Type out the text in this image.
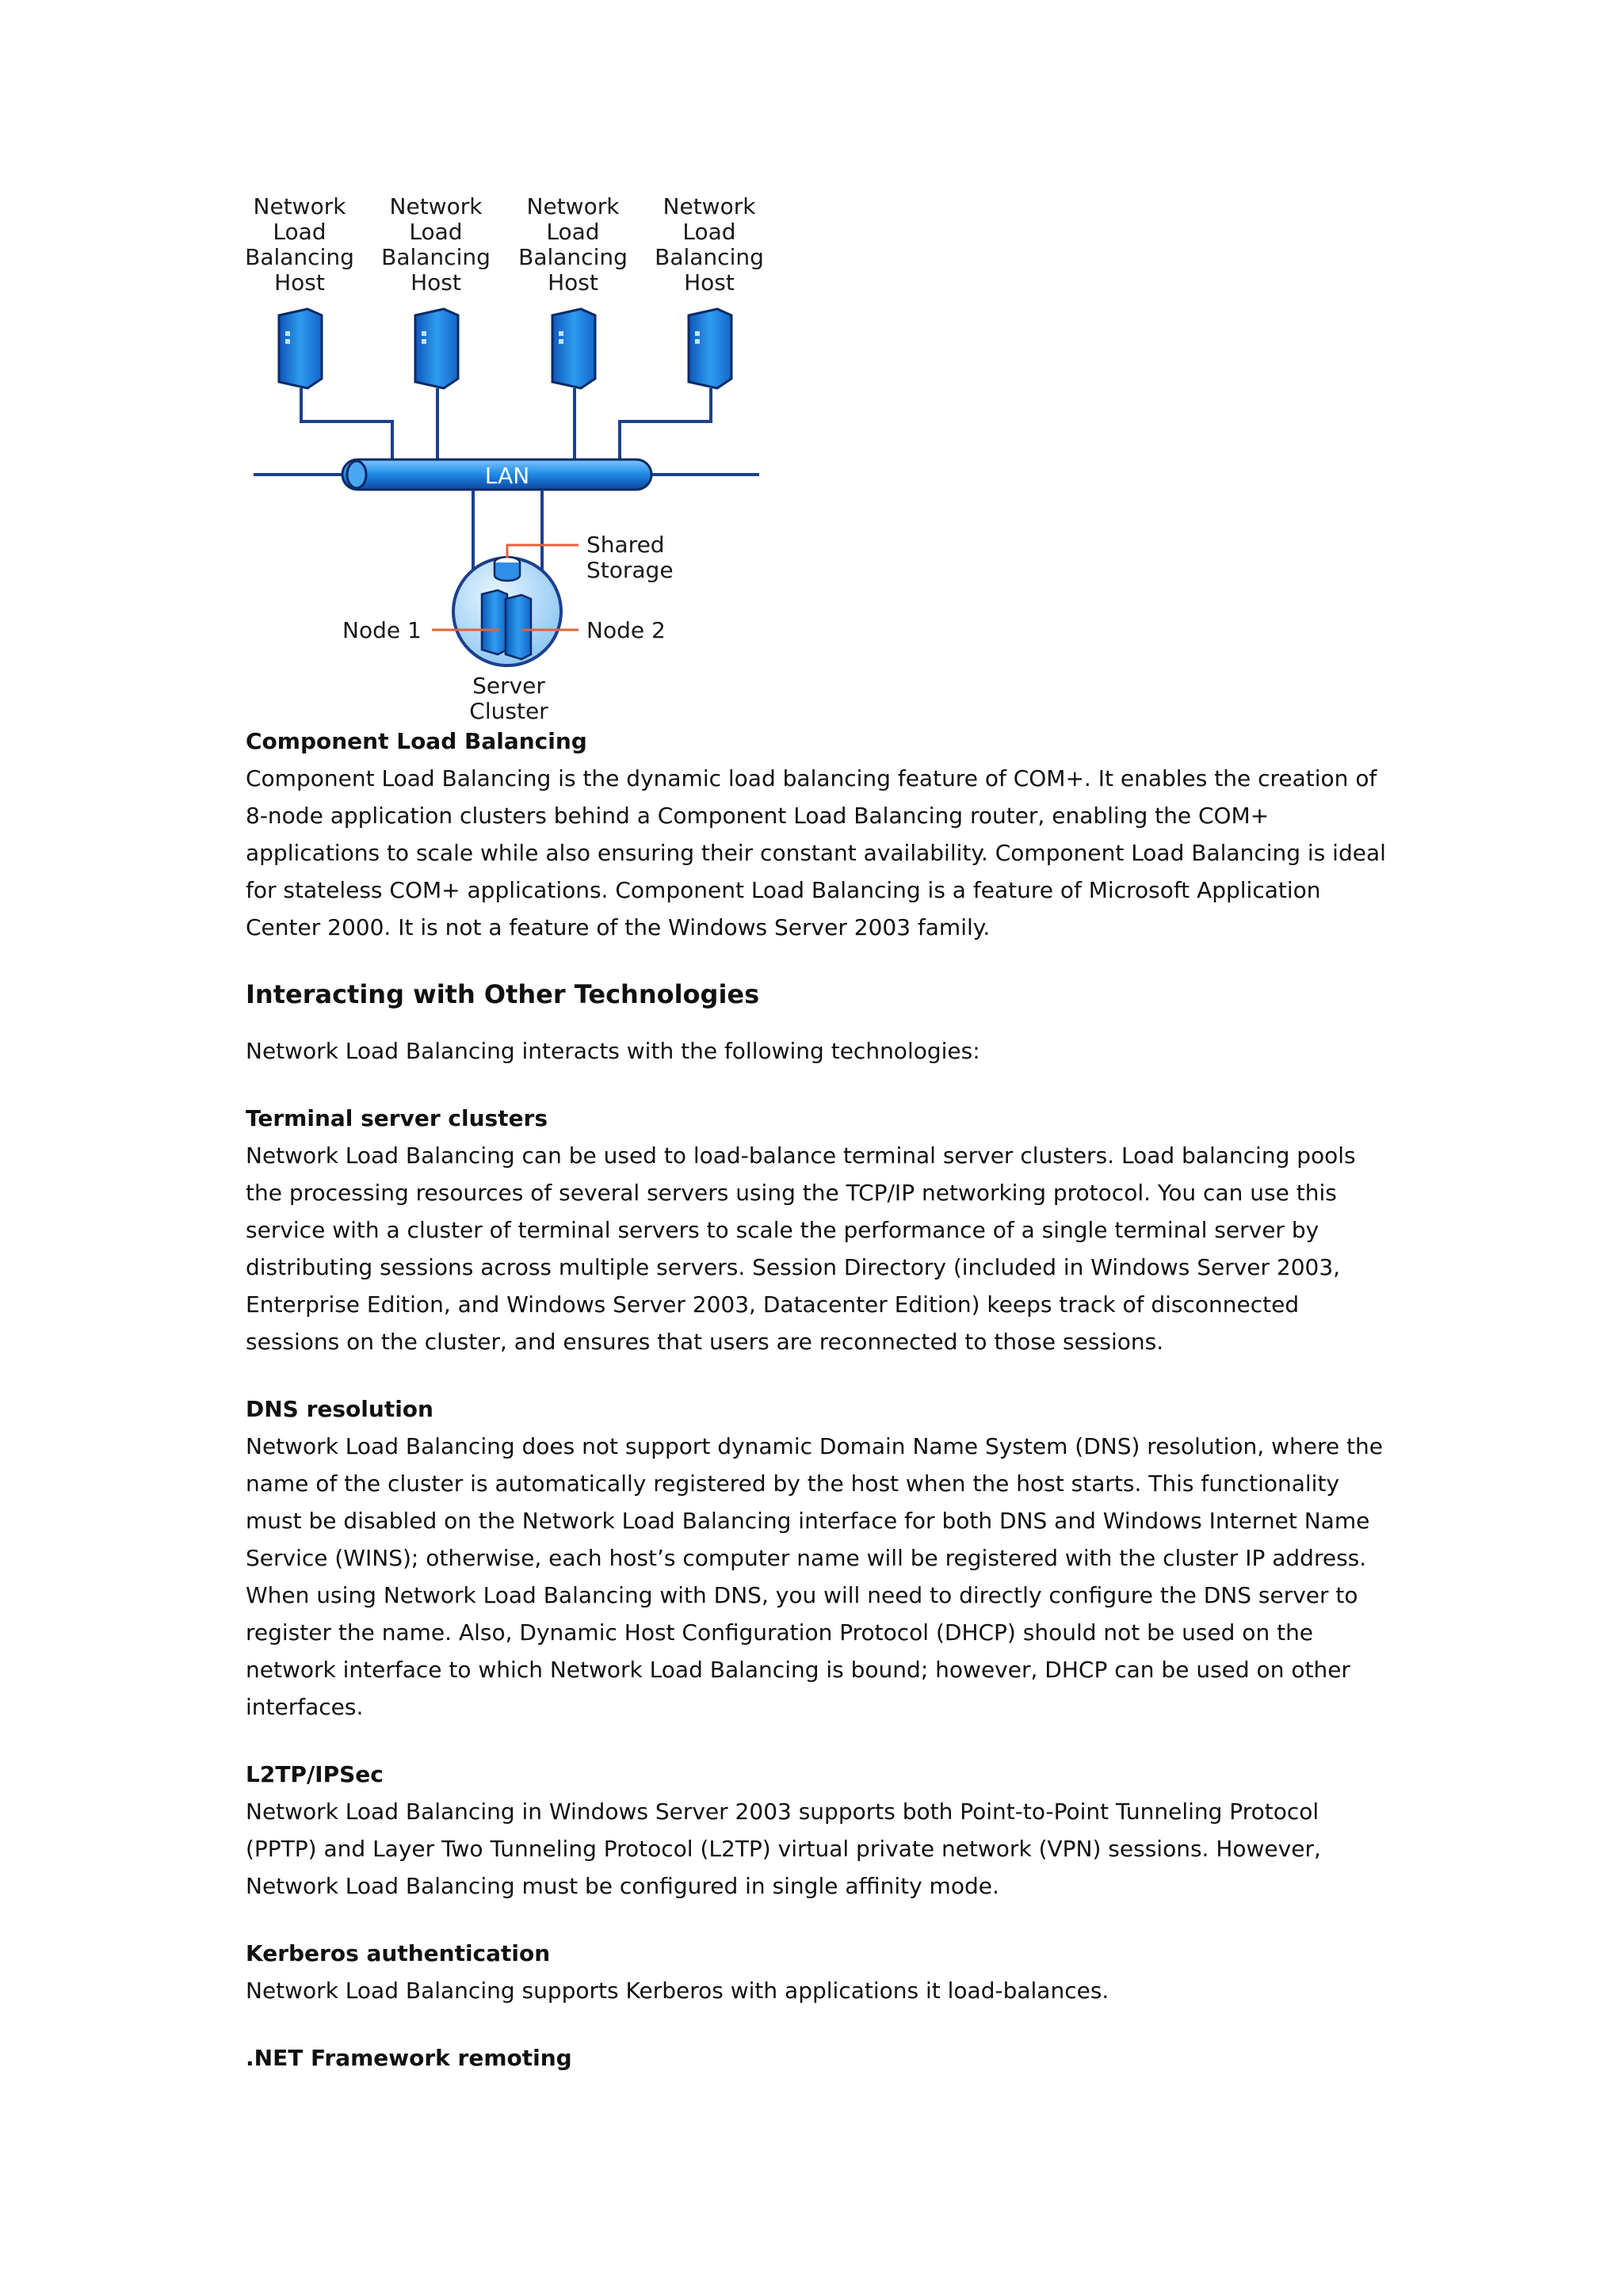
Network
Load
Balancing
Host
Network
Load
Balancing
Host
Network
Load
Balancing
Host
Network
Load
Balancing
Host
LAN
Shared
Storage
Node 1	Node 2
Server
Cluster

Component Load Balancing

Component Load Balancing is the dynamic load balancing feature of COM+. It enables the creation of 8-node application clusters behind a Component Load Balancing router, enabling the COM+ applications to scale while also ensuring their constant availability. Component Load Balancing is ideal for stateless COM+ applications. Component Load Balancing is a feature of Microsoft Application Center 2000. It is not a feature of the Windows Server 2003 family.

Interacting with Other Technologies

Network Load Balancing interacts with the following technologies:

Terminal server clusters

Network Load Balancing can be used to load-balance terminal server clusters. Load balancing pools the processing resources of several servers using the TCP/IP networking protocol. You can use this service with a cluster of terminal servers to scale the performance of a single terminal server by distributing sessions across multiple servers. Session Directory (included in Windows Server 2003, Enterprise Edition, and Windows Server 2003, Datacenter Edition) keeps track of disconnected sessions on the cluster, and ensures that users are reconnected to those sessions.

DNS resolution

Network Load Balancing does not support dynamic Domain Name System (DNS) resolution, where the name of the cluster is automatically registered by the host when the host starts. This functionality must be disabled on the Network Load Balancing interface for both DNS and Windows Internet Name Service (WINS); otherwise, each host’s computer name will be registered with the cluster IP address. When using Network Load Balancing with DNS, you will need to directly configure the DNS server to register the name. Also, Dynamic Host Configuration Protocol (DHCP) should not be used on the network interface to which Network Load Balancing is bound; however, DHCP can be used on other interfaces.

L2TP/IPSec

Network Load Balancing in Windows Server 2003 supports both Point-to-Point Tunneling Protocol (PPTP) and Layer Two Tunneling Protocol (L2TP) virtual private network (VPN) sessions. However, Network Load Balancing must be configured in single affinity mode.

Kerberos authentication

Network Load Balancing supports Kerberos with applications it load-balances.

.NET Framework remoting
